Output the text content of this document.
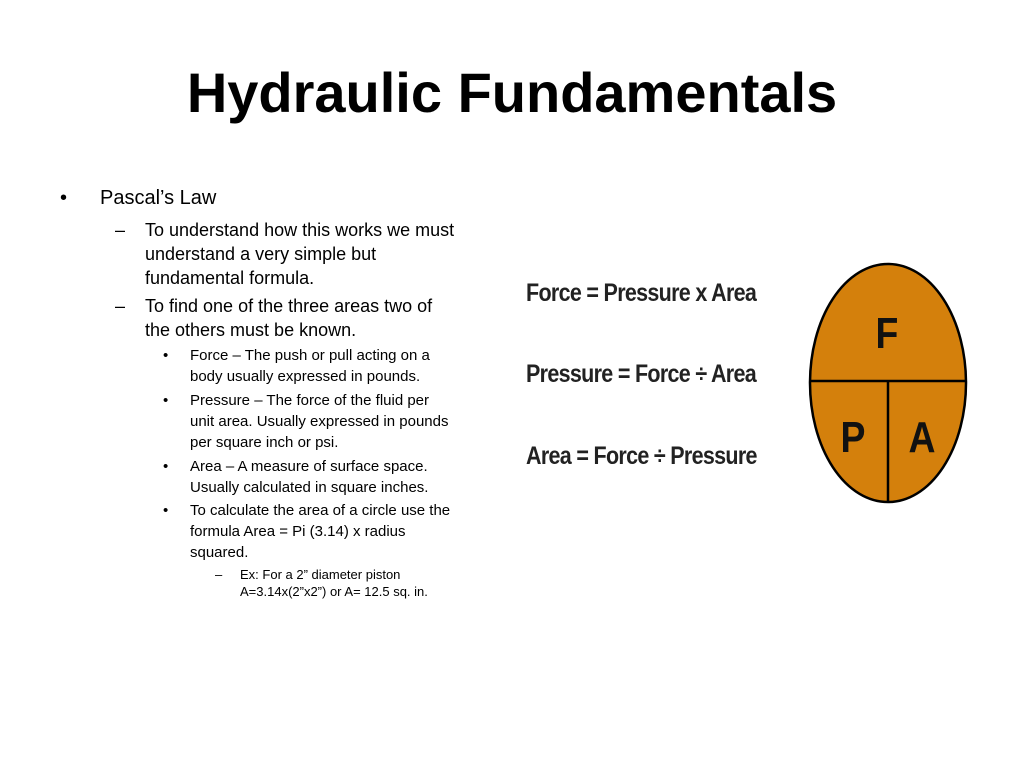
Hydraulic Fundamentals
• Pascal’s Law
– To understand how this works we must
understand a very simple but
fundamental formula.
– To find one of the three areas two of
the others must be known.
• Force – The push or pull acting on a
body usually expressed in pounds.
• Pressure – The force of the fluid per
unit area. Usually expressed in pounds
per square inch or psi.
• Area – A measure of surface space.
Usually calculated in square inches.
• To calculate the area of a circle use the
formula Area = Pi (3.14) x radius
squared.
– Ex: For a 2” diameter piston
A=3.14x(2”x2”) or A= 12.5 sq. in.
Force = Pressure x Area
Pressure = Force ÷ Area
Area = Force ÷ Pressure
F
P A
